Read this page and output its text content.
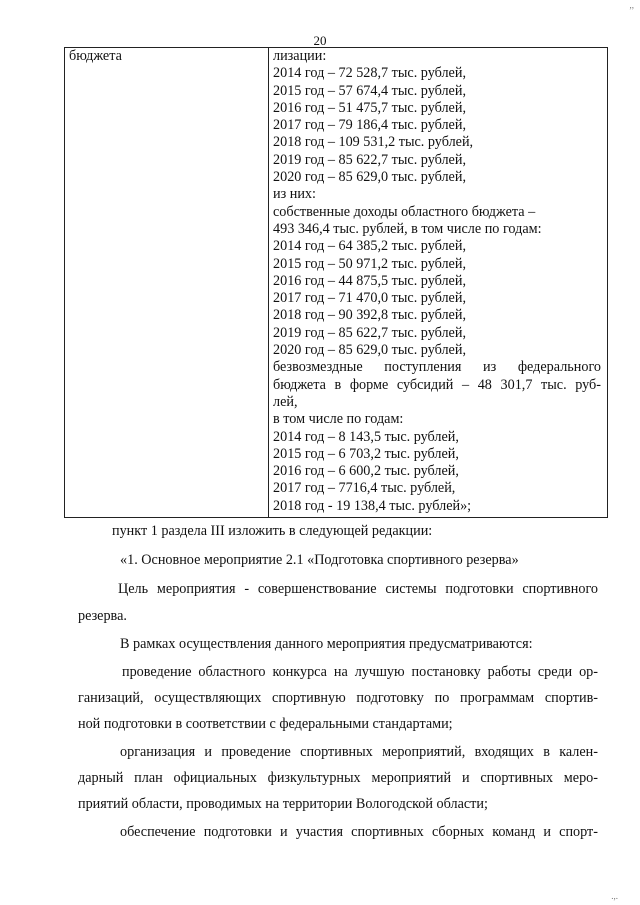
,,
20
бюджета	лизации:
2014 год – 72 528,7 тыс. рублей,
2015 год – 57 674,4 тыс. рублей,
2016 год – 51 475,7 тыс. рублей,
2017 год – 79 186,4 тыс. рублей,
2018 год – 109 531,2 тыс. рублей,
2019 год – 85 622,7 тыс. рублей,
2020 год – 85 629,0 тыс. рублей,
из них:
собственные доходы областного бюджета –
493 346,4 тыс. рублей, в том числе по годам:
2014 год – 64 385,2 тыс. рублей,
2015 год – 50 971,2 тыс. рублей,
2016 год – 44 875,5 тыс. рублей,
2017 год – 71 470,0 тыс. рублей,
2018 год – 90 392,8 тыс. рублей,
2019 год – 85 622,7 тыс. рублей,
2020 год – 85 629,0 тыс. рублей,
безвозмездные поступления из федерального
бюджета в форме субсидий – 48 301,7 тыс. руб-
лей,
в том числе по годам:
2014 год – 8 143,5 тыс. рублей,
2015 год – 6 703,2 тыс. рублей,
2016 год – 6 600,2 тыс. рублей,
2017 год – 7716,4 тыс. рублей,
2018 год - 19 138,4 тыс. рублей»;
пункт 1 раздела III изложить в следующей редакции:
«1. Основное мероприятие 2.1 «Подготовка спортивного резерва»
Цель мероприятия - совершенствование системы подготовки спортивного
резерва.
В рамках осуществления данного мероприятия предусматриваются:
проведение областного конкурса на лучшую постановку работы среди ор-
ганизаций, осуществляющих спортивную подготовку по программам спортив-
ной подготовки в соответствии с федеральными стандартами;
организация и проведение спортивных мероприятий, входящих в кален-
дарный план официальных физкультурных мероприятий и спортивных меро-
приятий области, проводимых на территории Вологодской области;
обеспечение подготовки и участия спортивных сборных команд и спорт-
.,.
